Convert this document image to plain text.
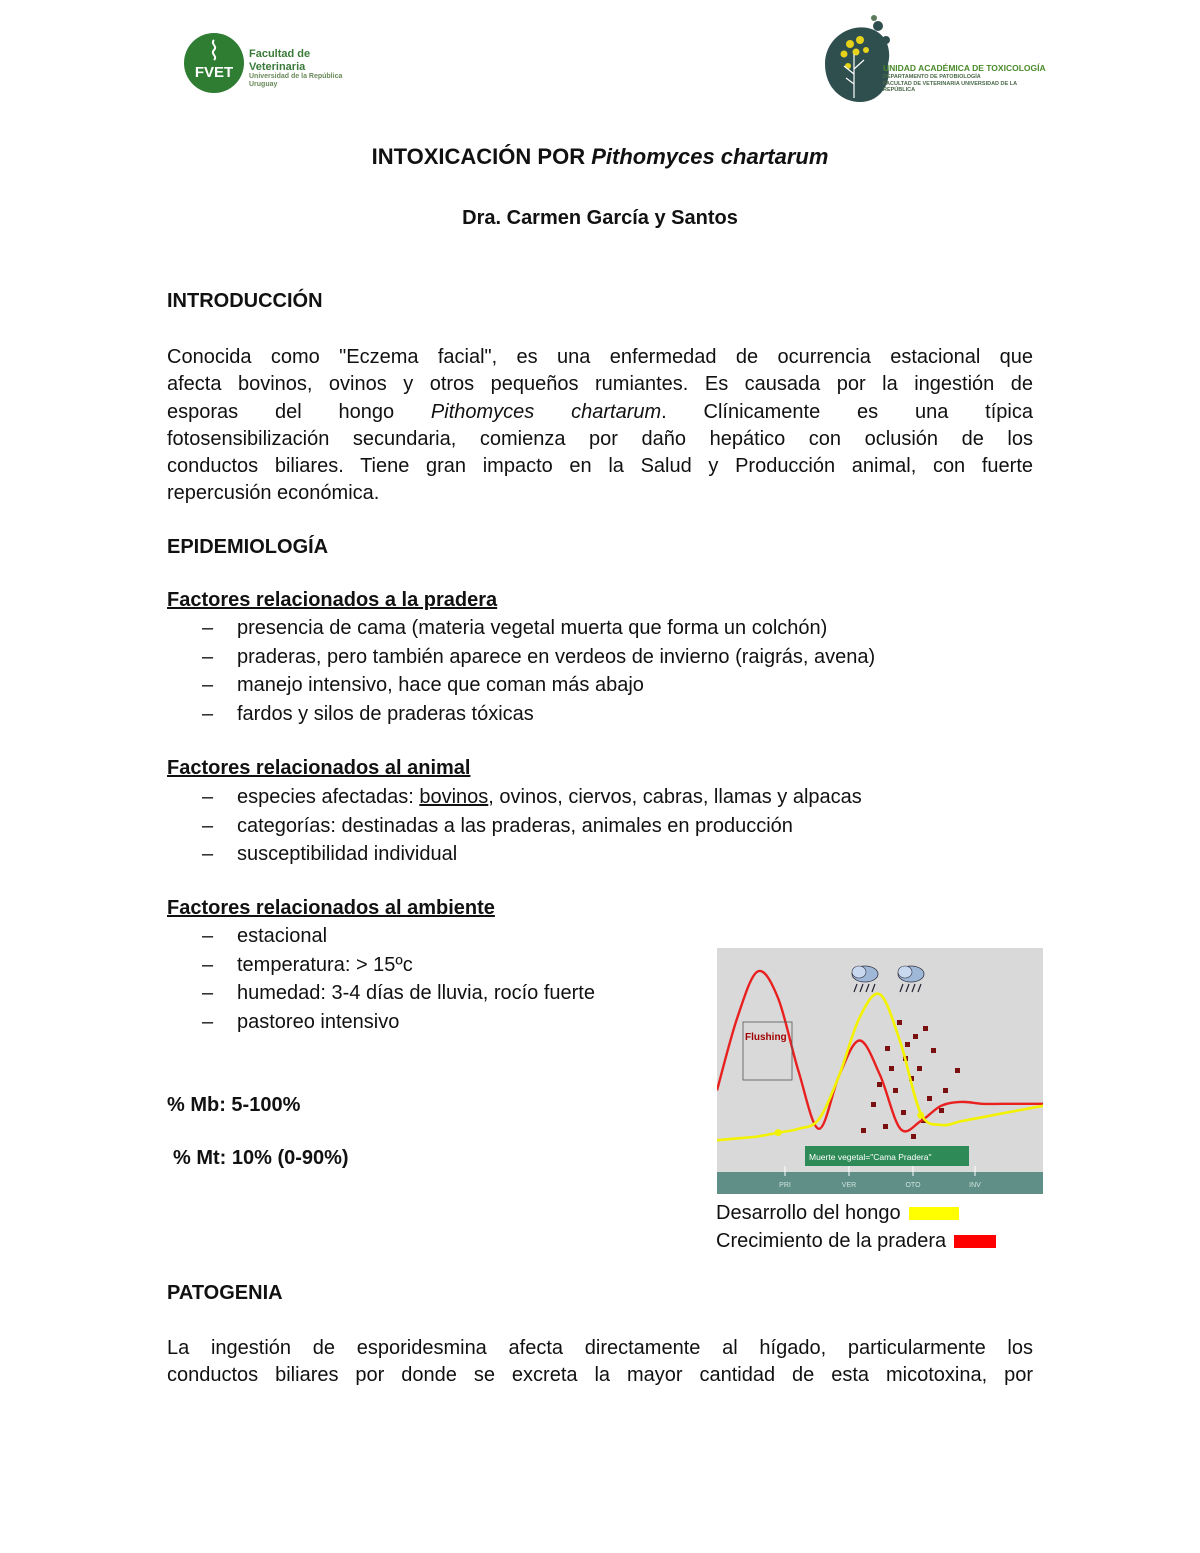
FVET
Facultad de Veterinaria
Universidad de la República
Uruguay
UNIDAD ACADÉMICA DE TOXICOLOGÍA
DEPARTAMENTO DE PATOBIOLOGÍA
FACULTAD DE VETERINARIA UNIVERSIDAD DE LA REPÚBLICA
INTOXICACIÓN POR Pithomyces chartarum
Dra. Carmen García y Santos
INTRODUCCIÓN
Conocida como "Eczema facial", es una enfermedad de ocurrencia estacional que
afecta bovinos, ovinos y otros pequeños rumiantes. Es causada por la ingestión de
esporas del hongo Pithomyces chartarum. Clínicamente es una típica
fotosensibilización secundaria, comienza por daño hepático con oclusión de los
conductos biliares. Tiene gran impacto en la Salud y Producción animal, con fuerte
repercusión económica.
EPIDEMIOLOGÍA
Factores relacionados a la pradera
– presencia de cama (materia vegetal muerta que forma un colchón)
– praderas, pero también aparece en verdeos de invierno (raigrás, avena)
– manejo intensivo, hace que coman más abajo
– fardos y silos de praderas tóxicas
Factores relacionados al animal
– especies afectadas: bovinos, ovinos, ciervos, cabras, llamas y alpacas
– categorías: destinadas a las praderas, animales en producción
– susceptibilidad individual
Factores relacionados al ambiente
– estacional
– temperatura: > 15ºc
– humedad: 3-4 días de lluvia, rocío fuerte
– pastoreo intensivo
% Mb: 5-100%
% Mt: 10% (0-90%)
PRI	VER	OTO	INV
Flushing
Muerte vegetal="Cama Pradera"
Desarrollo del hongo
Crecimiento de la pradera
PATOGENIA
La ingestión de esporidesmina afecta directamente al hígado, particularmente los
conductos biliares por donde se excreta la mayor cantidad de esta micotoxina, por
